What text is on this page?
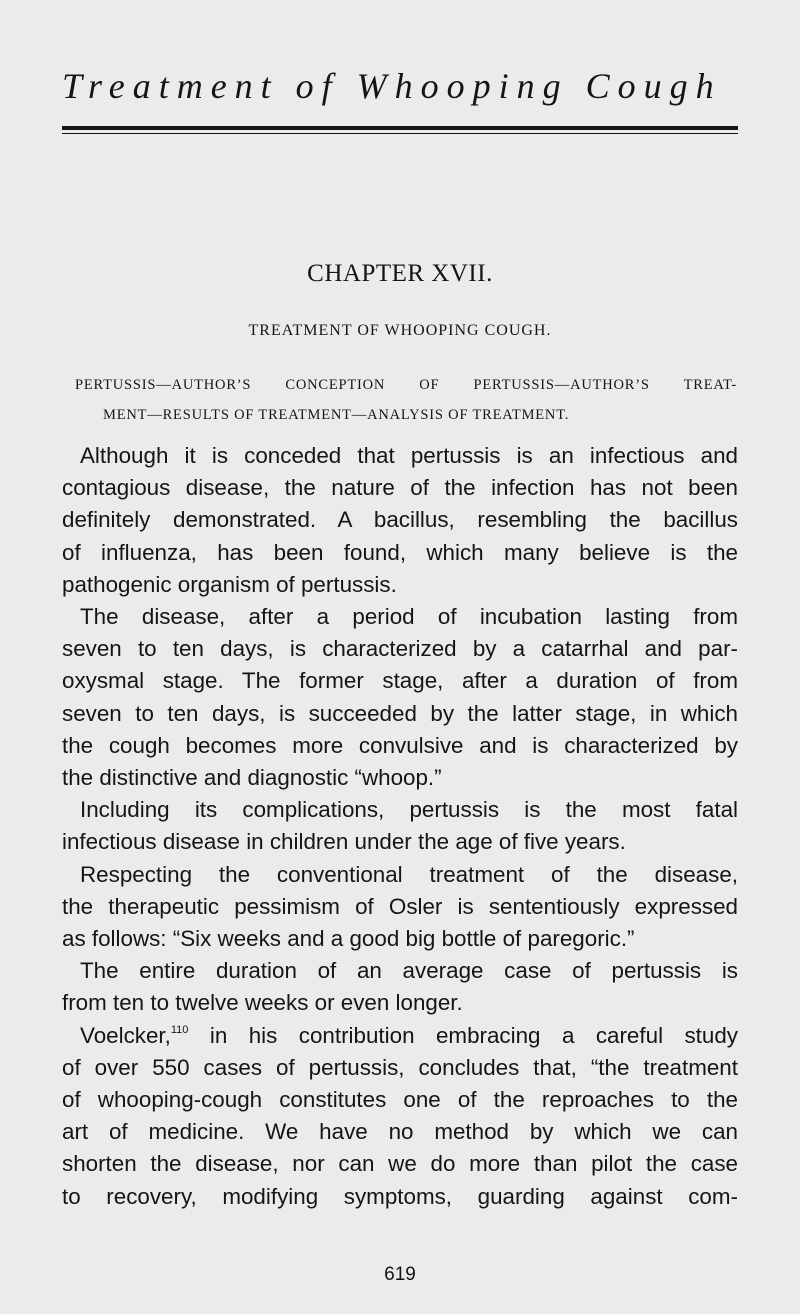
Treatment of Whooping Cough
CHAPTER XVII.
TREATMENT OF WHOOPING COUGH.
PERTUSSIS—AUTHOR’S CONCEPTION OF PERTUSSIS—AUTHOR’S TREAT-
MENT—RESULTS OF TREATMENT—ANALYSIS OF TREATMENT.
Although it is conceded that pertussis is an infectious and
contagious disease, the nature of the infection has not been
definitely demonstrated. A bacillus, resembling the bacillus
of influenza, has been found, which many believe is the
pathogenic organism of pertussis.
The disease, after a period of incubation lasting from
seven to ten days, is characterized by a catarrhal and par-
oxysmal stage. The former stage, after a duration of from
seven to ten days, is succeeded by the latter stage, in which
the cough becomes more convulsive and is characterized by
the distinctive and diagnostic “whoop.”
Including its complications, pertussis is the most fatal
infectious disease in children under the age of five years.
Respecting the conventional treatment of the disease,
the therapeutic pessimism of Osler is sententiously expressed
as follows: “Six weeks and a good big bottle of paregoric.”
The entire duration of an average case of pertussis is
from ten to twelve weeks or even longer.
Voelcker,$^{110}$ in his contribution embracing a careful study
of over 550 cases of pertussis, concludes that, “the treatment
of whooping-cough constitutes one of the reproaches to the
art of medicine. We have no method by which we can
shorten the disease, nor can we do more than pilot the case
to recovery, modifying symptoms, guarding against com-
619
